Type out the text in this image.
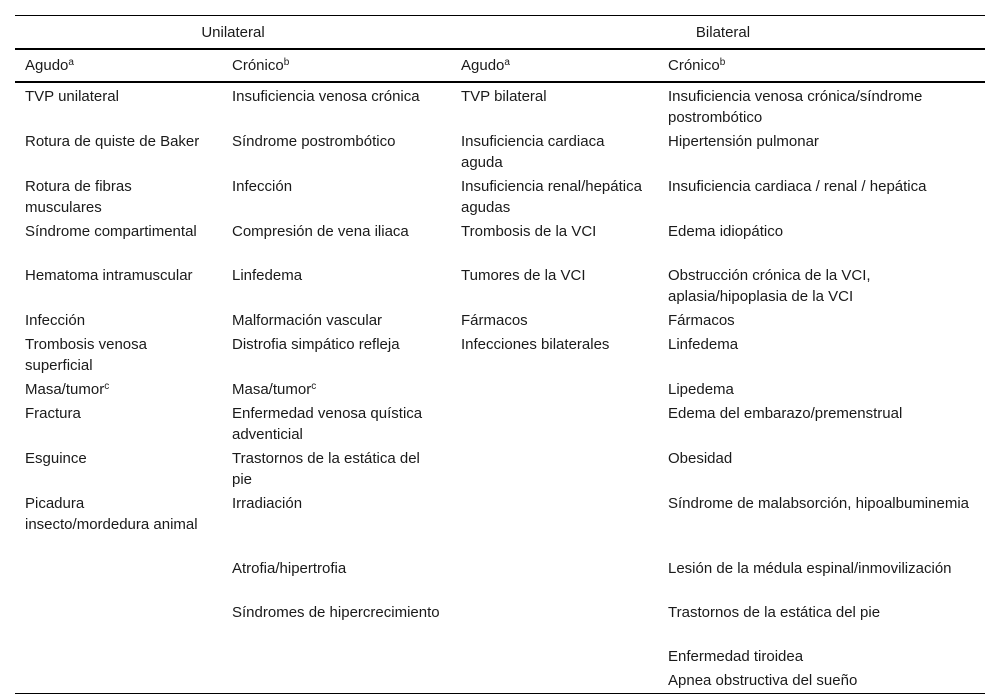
Unilateral		Bilateral	
Agudo$^a$	Crónico$^b$	Agudo$^a$	Crónico$^b$
TVP unilateral	Insuficiencia venosa crónica	TVP bilateral	Insuficiencia venosa crónica/síndrome postrombótico
Rotura de quiste de Baker	Síndrome postrombótico	Insuficiencia cardiaca aguda	Hipertensión pulmonar
Rotura de fibras musculares	Infección	Insuficiencia renal/hepática agudas	Insuficiencia cardiaca / renal / hepática
Síndrome compartimental	Compresión de vena iliaca	Trombosis de la VCI	Edema idiopático
Hematoma intramuscular	Linfedema	Tumores de la VCI	Obstrucción crónica de la VCI, aplasia/hipoplasia de la VCI
Infección	Malformación vascular	Fármacos	Fármacos
Trombosis venosa superficial	Distrofia simpático refleja	Infecciones bilaterales	Linfedema
Masa/tumor$^c$	Masa/tumor$^c$		Lipedema
Fractura	Enfermedad venosa quística adventicial		Edema del embarazo/premenstrual
Esguince	Trastornos de la estática del pie		Obesidad
Picadura insecto/mordedura animal	Irradiación		Síndrome de malabsorción, hipoalbuminemia
	Atrofia/hipertrofia		Lesión de la médula espinal/inmovilización
	Síndromes de hipercrecimiento		Trastornos de la estática del pie
			Enfermedad tiroidea
			Apnea obstructiva del sueño
